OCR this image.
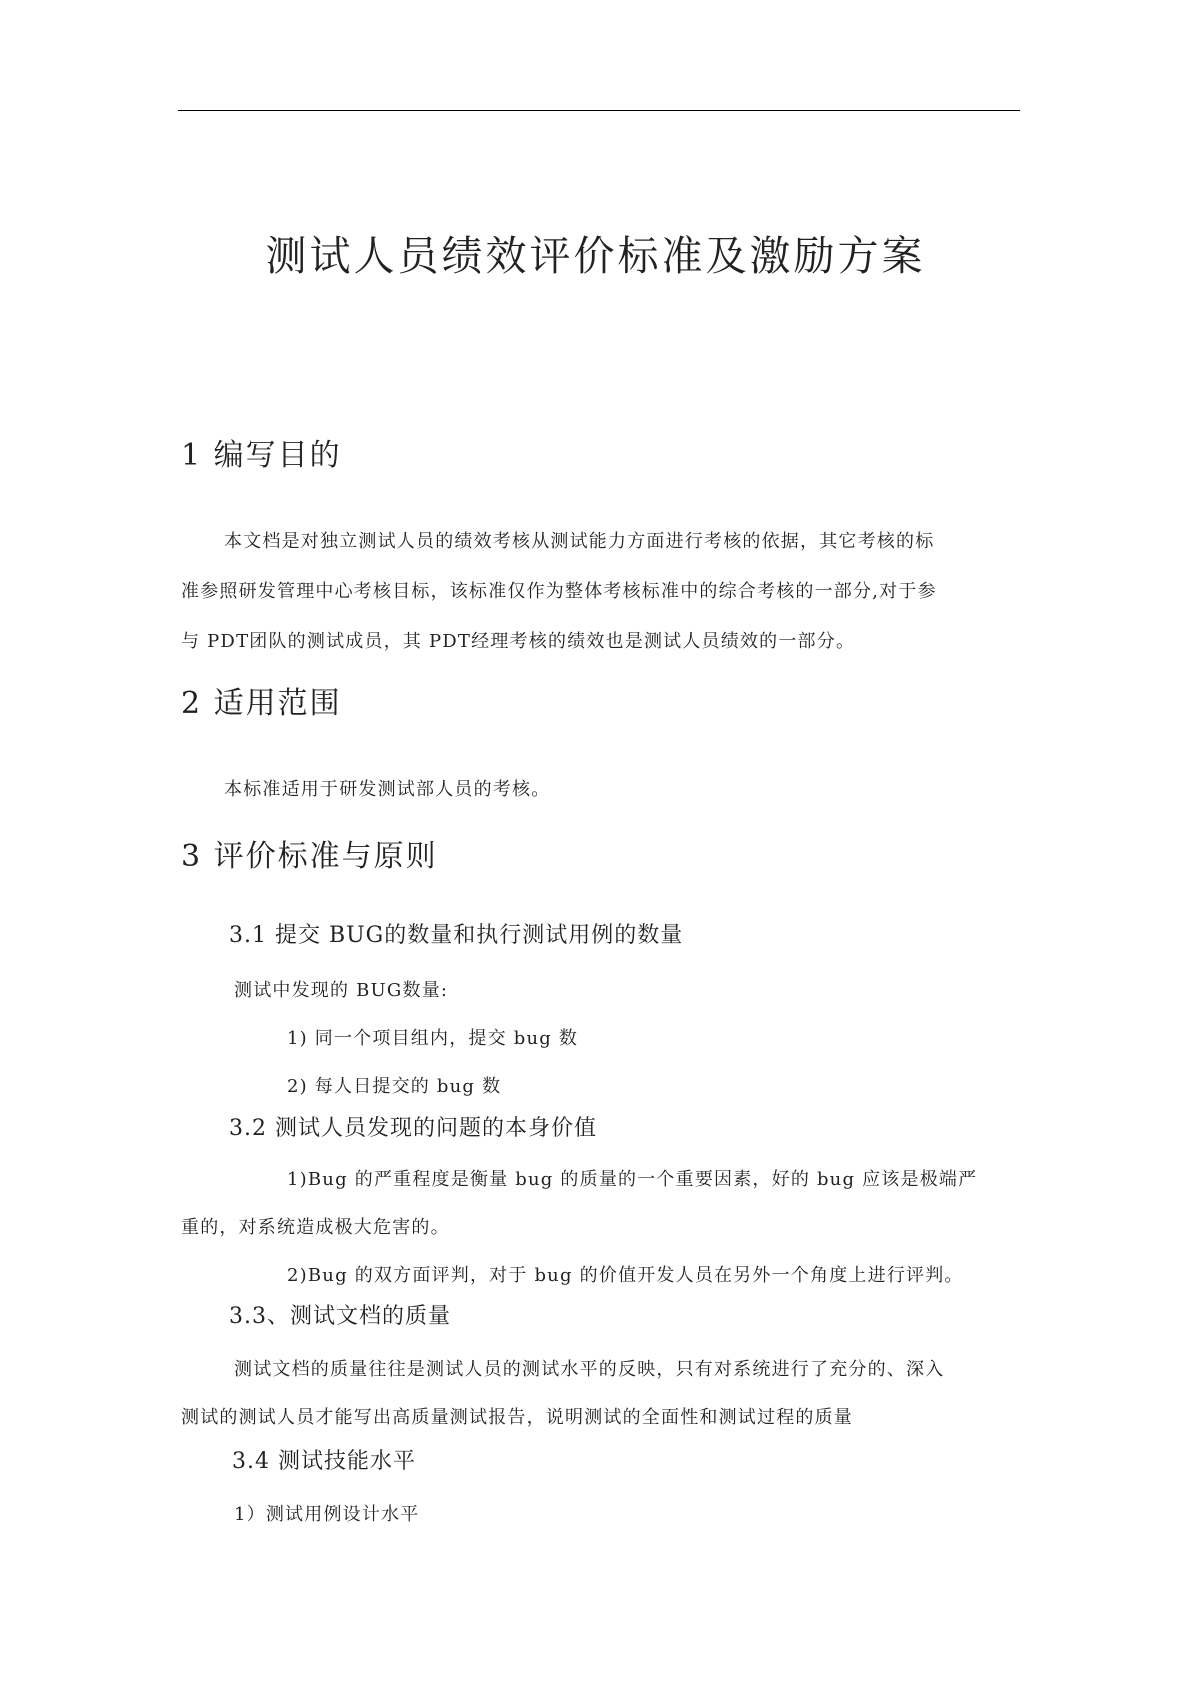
测试人员绩效评价标准及激励方案
1 编写目的

本文档是对独立测试人员的绩效考核从测试能力方面进行考核的依据，其它考核的标

准参照研发管理中心考核目标，该标准仅作为整体考核标准中的综合考核的一部分,对于参

与 PDT团队的测试成员，其 PDT经理考核的绩效也是测试人员绩效的一部分。

2 适用范围

本标准适用于研发测试部人员的考核。

3 评价标准与原则
3.1 提交 BUG的数量和执行测试用例的数量

测试中发现的 BUG数量:

1) 同一个项目组内，提交 bug 数

2) 每人日提交的 bug 数

3.2 测试人员发现的问题的本身价值

1)Bug 的严重程度是衡量 bug 的质量的一个重要因素，好的 bug 应该是极端严

重的，对系统造成极大危害的。

2)Bug 的双方面评判，对于 bug 的价值开发人员在另外一个角度上进行评判。

3.3、测试文档的质量

测试文档的质量往往是测试人员的测试水平的反映，只有对系统进行了充分的、深入

测试的测试人员才能写出高质量测试报告，说明测试的全面性和测试过程的质量

3.4 测试技能水平

1）测试用例设计水平
